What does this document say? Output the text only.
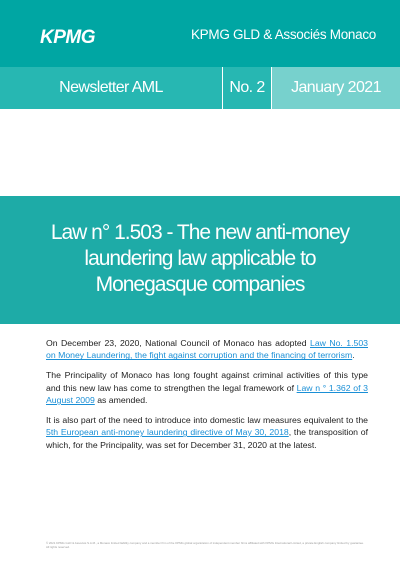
KPMG	KPMG GLD & Associés Monaco
Newsletter AML	No. 2	January 2021
Law n° 1.503 - The new anti-money laundering law applicable to Monegasque companies

On December 23, 2020, National Council of Monaco has adopted Law No. 1.503 on Money Laundering, the fight against corruption and the financing of terrorism.

The Principality of Monaco has long fought against criminal activities of this type and this new law has come to strengthen the legal framework of Law n ° 1.362 of 3 August 2009 as amended.

It is also part of the need to introduce into domestic law measures equivalent to the 5th European anti-money laundering directive of May 30, 2018, the transposition of which, for the Principality, was set for December 31, 2020 at the latest.

© 2021 KPMG GLD & Associés S.A.M., a Monaco limited liability company and a member firm of the KPMG global organization of independent member firms affiliated with KPMG International Limited, a private English company limited by guarantee. All rights reserved.
